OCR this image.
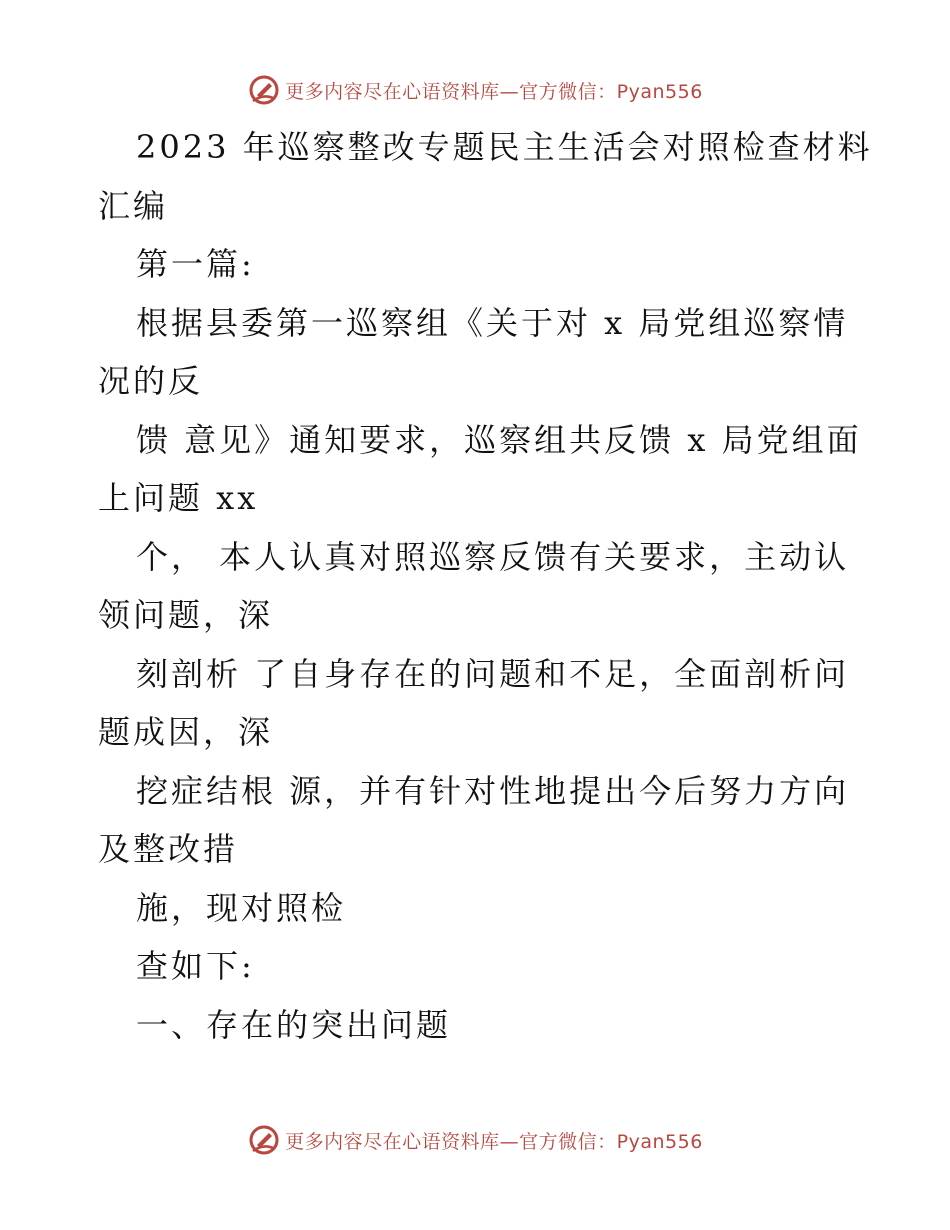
更多内容尽在心语资料库—官方微信：Pyan556
2023 年巡察整改专题民主生活会对照检查材料
汇编
第一篇:
根据县委第一巡察组《关于对 x 局党组巡察情
况的反
馈 意见》通知要求，巡察组共反馈 x 局党组面
上问题 xx
个， 本人认真对照巡察反馈有关要求，主动认
领问题，深
刻剖析 了自身存在的问题和不足，全面剖析问
题成因，深
挖症结根 源，并有针对性地提出今后努力方向
及整改措
施，现对照检
查如下:
一、存在的突出问题
更多内容尽在心语资料库—官方微信：Pyan556
